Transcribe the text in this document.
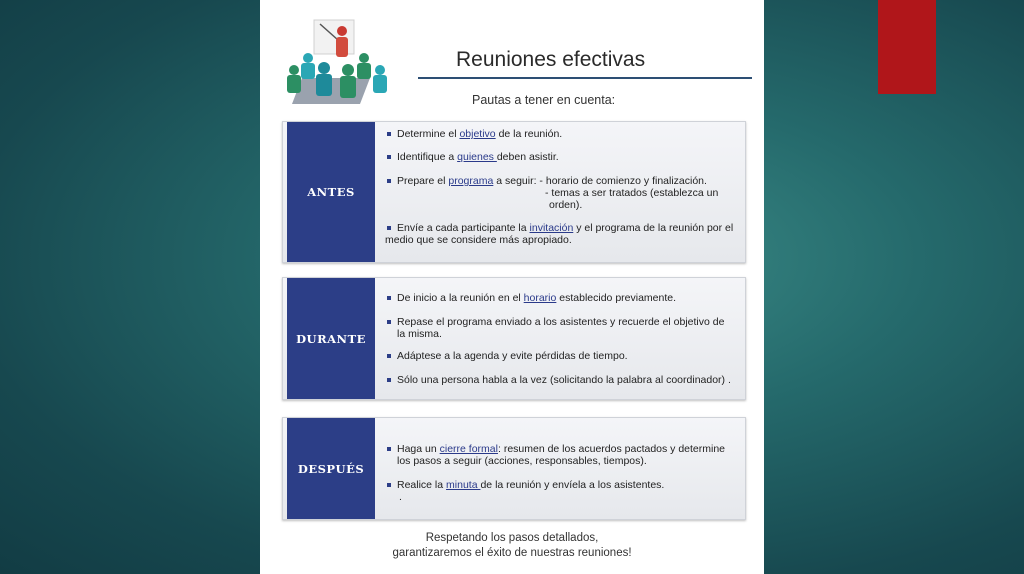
Reuniones efectivas
Pautas a tener en cuenta:
ANTES
Determine el objetivo de la reunión.
Identifique a quienes deben asistir.
Prepare el programa a seguir: - horario de comienzo y finalización.
- temas a ser tratados (establezca un
orden).
Envíe a cada participante la invitación y el programa de la reunión por el
medio que se considere más apropiado.
DURANTE
De inicio a la reunión en el horario establecido previamente.
Repase el programa enviado a los asistentes y recuerde el objetivo de
la misma.
Adáptese a la agenda y evite pérdidas de tiempo.
Sólo una persona habla a la vez (solicitando la palabra al coordinador) .
DESPUÉS
Haga un cierre formal: resumen de los acuerdos pactados y determine
los pasos a seguir (acciones, responsables, tiempos).
Realice la minuta de la reunión y envíela a los asistentes.
.
Respetando los pasos detallados,
garantizaremos el éxito de nuestras reuniones!
